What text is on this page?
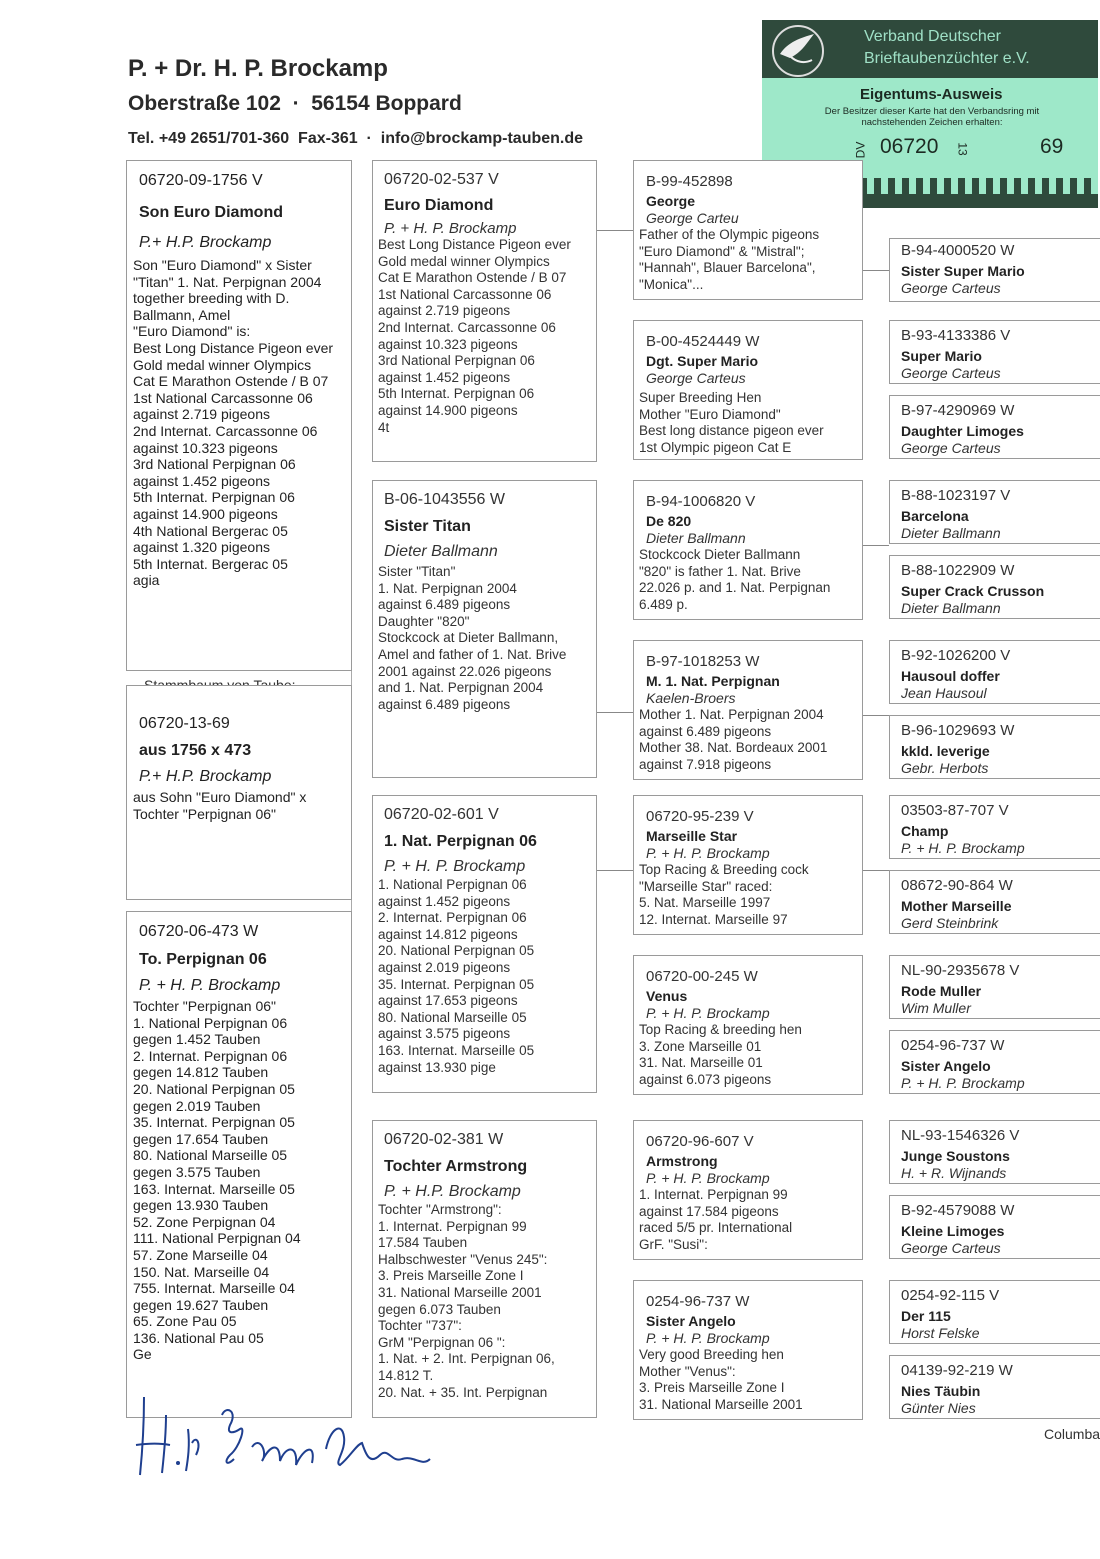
P. + Dr. H. P. Brockamp
Oberstraße 102  ·  56154 Boppard
Tel. +49 2651/701-360  Fax-361  ·  info@brockamp-tauben.de
Verband Deutscher
Brieftaubenzüchter e.V.
Eigentums-Ausweis
Der Besitzer dieser Karte hat den Verbandsring mit nachstehenden Zeichen erhalten:
DV 06720 13	69
06720-09-1756 V
Son Euro Diamond
P.+ H.P. Brockamp
Son "Euro Diamond" x Sister
"Titan" 1. Nat. Perpignan 2004
together breeding with D.
Ballmann, Amel
"Euro Diamond" is:
Best Long Distance Pigeon ever
Gold medal winner Olympics
Cat E Marathon Ostende / B 07
1st National Carcassonne 06
against 2.719 pigeons
2nd Internat. Carcassonne 06
against 10.323 pigeons
3rd National Perpignan 06
against 1.452 pigeons
5th Internat. Perpignan 06
against 14.900 pigeons
4th National Bergerac 05
against 1.320 pigeons
5th Internat. Bergerac 05
agia
06720-13-69
aus 1756 x 473
P.+ H.P. Brockamp
aus Sohn "Euro Diamond" x
Tochter "Perpignan 06"
06720-06-473 W
To. Perpignan 06
P. + H. P. Brockamp
Tochter "Perpignan 06"
1. National Perpignan 06
gegen 1.452 Tauben
2. Internat. Perpignan 06
gegen 14.812 Tauben
20. National Perpignan 05
gegen 2.019 Tauben
35. Internat. Perpignan 05
gegen 17.654 Tauben
80. National Marseille 05
gegen 3.575 Tauben
163. Internat. Marseille 05
gegen 13.930 Tauben
52. Zone Perpignan 04
111. National Perpignan 04
57. Zone Marseille 04
150. Nat. Marseille 04
755. Internat. Marseille 04
gegen 19.627 Tauben
65. Zone Pau 05
136. National Pau 05
Ge
06720-02-537 V
Euro Diamond
P. + H. P. Brockamp
Best Long Distance Pigeon ever
Gold medal winner Olympics
Cat E Marathon Ostende / B 07
1st National Carcassonne 06
against 2.719 pigeons
2nd Internat. Carcassonne 06
against 10.323 pigeons
3rd National Perpignan 06
against 1.452 pigeons
5th Internat. Perpignan 06
against 14.900 pigeons
4t
B-06-1043556 W
Sister Titan
Dieter Ballmann
Sister "Titan"
1. Nat. Perpignan 2004
against 6.489 pigeons
Daughter "820"
Stockcock at Dieter Ballmann,
Amel and father of 1. Nat. Brive
2001 against 22.026 pigeons
and 1. Nat. Perpignan 2004
against 6.489 pigeons
06720-02-601 V
1. Nat. Perpignan 06
P. + H. P. Brockamp
1. National Perpignan 06
against 1.452 pigeons
2. Internat. Perpignan 06
against 14.812 pigeons
20. National Perpignan 05
against 2.019 pigeons
35. Internat. Perpignan 05
against 17.653 pigeons
80. National Marseille 05
against 3.575 pigeons
163. Internat. Marseille 05
against 13.930 pige
06720-02-381 W
Tochter Armstrong
P. + H.P. Brockamp
Tochter "Armstrong":
1. Internat. Perpignan 99
17.584 Tauben
Halbschwester "Venus 245":
3. Preis Marseille Zone I
31. National Marseille 2001
gegen 6.073 Tauben
Tochter "737":
GrM "Perpignan 06 ":
1. Nat. + 2. Int. Perpignan 06,
14.812 T.
20. Nat. + 35. Int. Perpignan
B-99-452898
George
George Carteu
Father of the Olympic pigeons
"Euro Diamond" & "Mistral";
"Hannah", Blauer Barcelona",
"Monica"...
B-00-4524449 W
Dgt. Super Mario
George Carteus
Super Breeding Hen
Mother "Euro Diamond"
Best long distance pigeon ever
1st Olympic pigeon Cat E
B-94-1006820 V
De 820
Dieter Ballmann
Stockcock Dieter Ballmann
"820" is father 1. Nat. Brive
22.026 p. and 1. Nat. Perpignan
6.489 p.
B-97-1018253 W
M. 1. Nat. Perpignan
Kaelen-Broers
Mother 1. Nat. Perpignan 2004
against 6.489 pigeons
Mother 38. Nat. Bordeaux 2001
against 7.918 pigeons
06720-95-239 V
Marseille Star
P. + H. P. Brockamp
Top Racing & Breeding cock
"Marseille Star" raced:
5. Nat. Marseille 1997
12. Internat. Marseille 97
06720-00-245 W
Venus
P. + H. P. Brockamp
Top Racing & breeding hen
3. Zone Marseille 01
31. Nat. Marseille 01
against 6.073 pigeons
06720-96-607 V
Armstrong
P. + H. P. Brockamp
1. Internat. Perpignan 99
against 17.584 pigeons
raced 5/5 pr. International
GrF. "Susi":
0254-96-737 W
Sister Angelo
P. + H. P. Brockamp
Very good Breeding hen
Mother "Venus":
3. Preis Marseille Zone I
31. National Marseille 2001
B-94-4000520 W
Sister Super Mario
George Carteus
B-93-4133386 V
Super Mario
George Carteus
B-97-4290969 W
Daughter Limoges
George Carteus
B-88-1023197 V
Barcelona
Dieter Ballmann
B-88-1022909 W
Super Crack Crusson
Dieter Ballmann
B-92-1026200 V
Hausoul doffer
Jean Hausoul
B-96-1029693 W
kkld. leverige
Gebr. Herbots
03503-87-707 V
Champ
P. + H. P. Brockamp
08672-90-864 W
Mother Marseille
Gerd Steinbrink
NL-90-2935678 V
Rode Muller
Wim Muller
0254-96-737 W
Sister Angelo
P. + H. P. Brockamp
NL-93-1546326 V
Junge Soustons
H. + R. Wijnands
B-92-4579088 W
Kleine Limoges
George Carteus
0254-92-115 V
Der 115
Horst Felske
04139-92-219 W
Nies Täubin
Günter Nies
Columba
